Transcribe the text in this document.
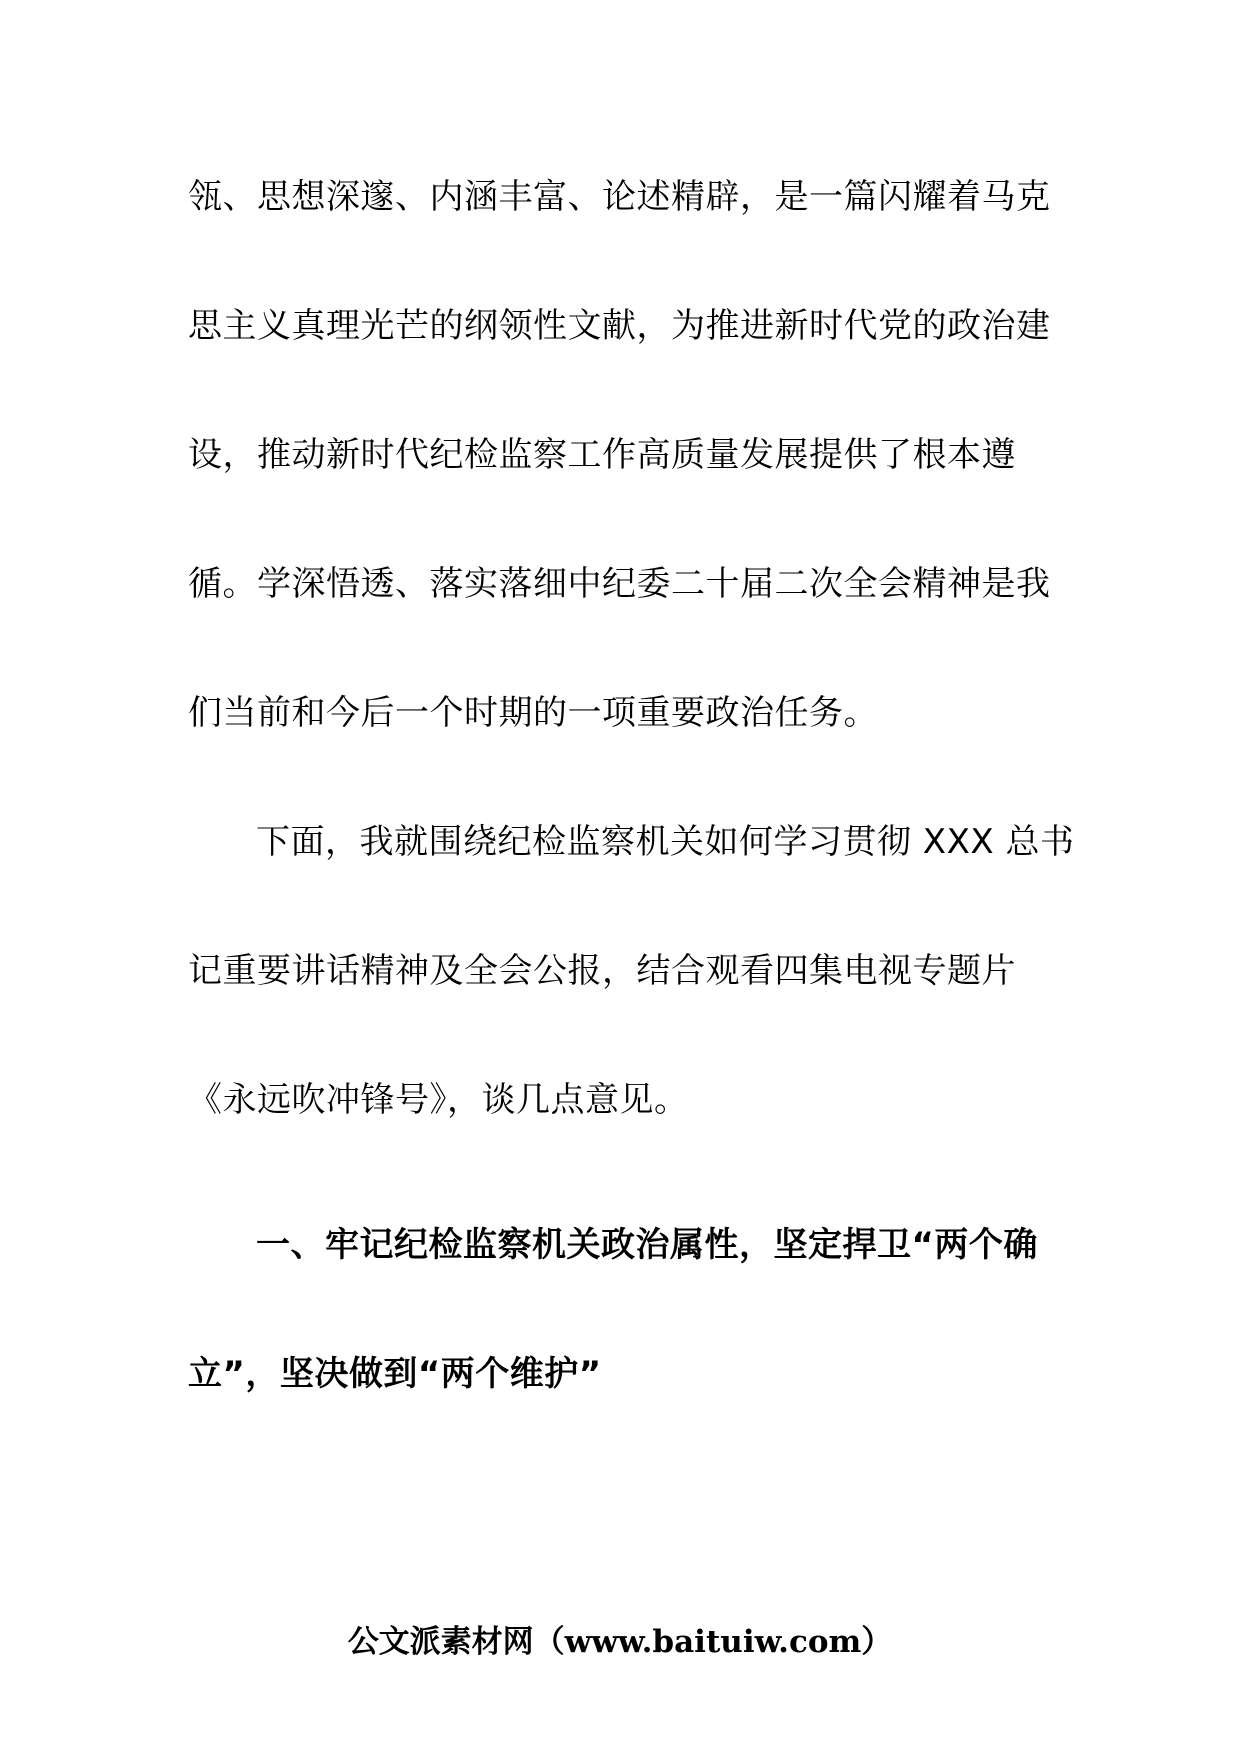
瓴、思想深邃、内涵丰富、论述精辟，是一篇闪耀着马克
思主义真理光芒的纲领性文献，为推进新时代党的政治建
设，推动新时代纪检监察工作高质量发展提供了根本遵
循。学深悟透、落实落细中纪委二十届二次全会精神是我
们当前和今后一个时期的一项重要政治任务。
下面，我就围绕纪检监察机关如何学习贯彻 XXX 总书
记重要讲话精神及全会公报，结合观看四集电视专题片
《永远吹冲锋号》，谈几点意见。
一、牢记纪检监察机关政治属性，坚定捍卫“两个确
立”，坚决做到“两个维护”
公文派素材网（www.baituiw.com）
